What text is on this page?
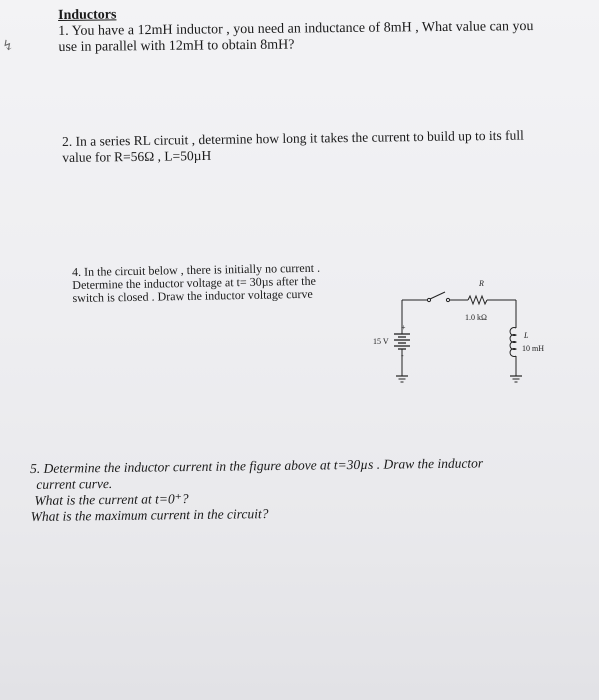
↯
Inductors
1. You have a 12mH inductor , you need an inductance of 8mH , What value can you
use in parallel with 12mH to obtain 8mH?
2. In a series RL circuit , determine how long it takes the current to build up to its full
value for R=56Ω , L=50µH
4. In the circuit below , there is initially no current .
Determine the inductor voltage at t= 30µs after the
switch is closed . Draw the inductor voltage curve
R
1.0 kΩ
+
15 V
-
L
10 mH
5. Determine the inductor current in the figure above at t=30µs . Draw the inductor
current curve.
What is the current at t=0⁺?
What is the maximum current in the circuit?
